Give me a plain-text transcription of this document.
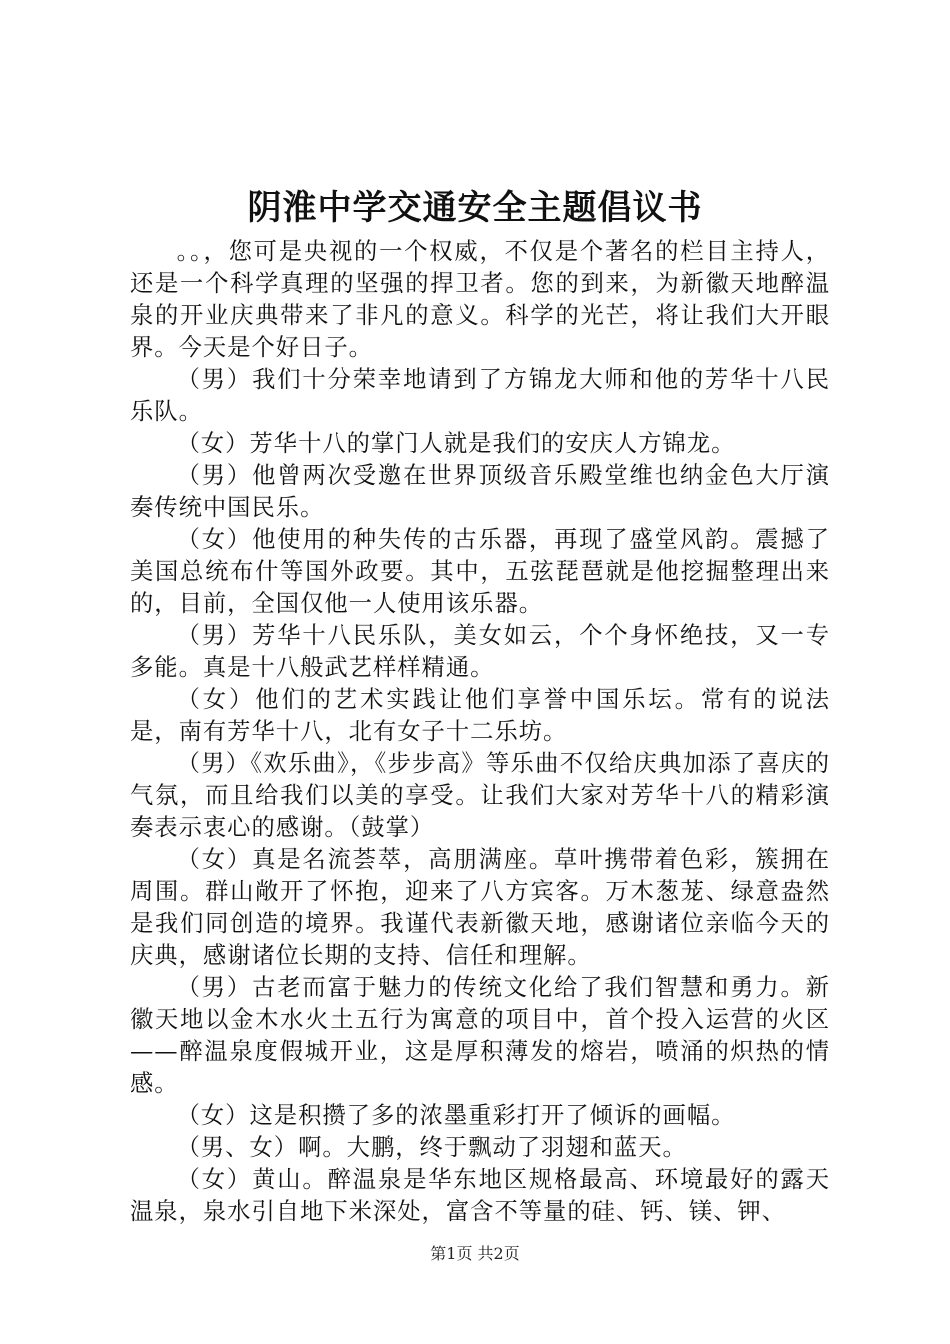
阴淮中学交通安全主题倡议书

。。，您可是央视的一个权威，不仅是个著名的栏目主持人，还是一个科学真理的坚强的捍卫者。您的到来，为新徽天地醉温泉的开业庆典带来了非凡的意义。科学的光芒，将让我们大开眼界。今天是个好日子。

（男）我们十分荣幸地请到了方锦龙大师和他的芳华十八民乐队。

（女）芳华十八的掌门人就是我们的安庆人方锦龙。

（男）他曾两次受邀在世界顶级音乐殿堂维也纳金色大厅演奏传统中国民乐。

（女）他使用的种失传的古乐器，再现了盛堂风韵。震撼了美国总统布什等国外政要。其中，五弦琵琶就是他挖掘整理出来的，目前，全国仅他一人使用该乐器。

（男）芳华十八民乐队，美女如云，个个身怀绝技，又一专多能。真是十八般武艺样样精通。

（女）他们的艺术实践让他们享誉中国乐坛。常有的说法是，南有芳华十八，北有女子十二乐坊。

（男）《欢乐曲》，《步步高》等乐曲不仅给庆典加添了喜庆的气氛，而且给我们以美的享受。让我们大家对芳华十八的精彩演奏表示衷心的感谢。（鼓掌）

（女）真是名流荟萃，高朋满座。草叶携带着色彩，簇拥在周围。群山敞开了怀抱，迎来了八方宾客。万木葱茏、绿意盎然是我们同创造的境界。我谨代表新徽天地，感谢诸位亲临今天的庆典，感谢诸位长期的支持、信任和理解。

（男）古老而富于魅力的传统文化给了我们智慧和勇力。新徽天地以金木水火土五行为寓意的项目中，首个投入运营的火区——醉温泉度假城开业，这是厚积薄发的熔岩，喷涌的炽热的情感。

（女）这是积攒了多的浓墨重彩打开了倾诉的画幅。

（男、女）啊。大鹏，终于飘动了羽翅和蓝天。

（女）黄山。醉温泉是华东地区规格最高、环境最好的露天温泉，泉水引自地下米深处，富含不等量的硅、钙、镁、钾、

第1页 共2页
